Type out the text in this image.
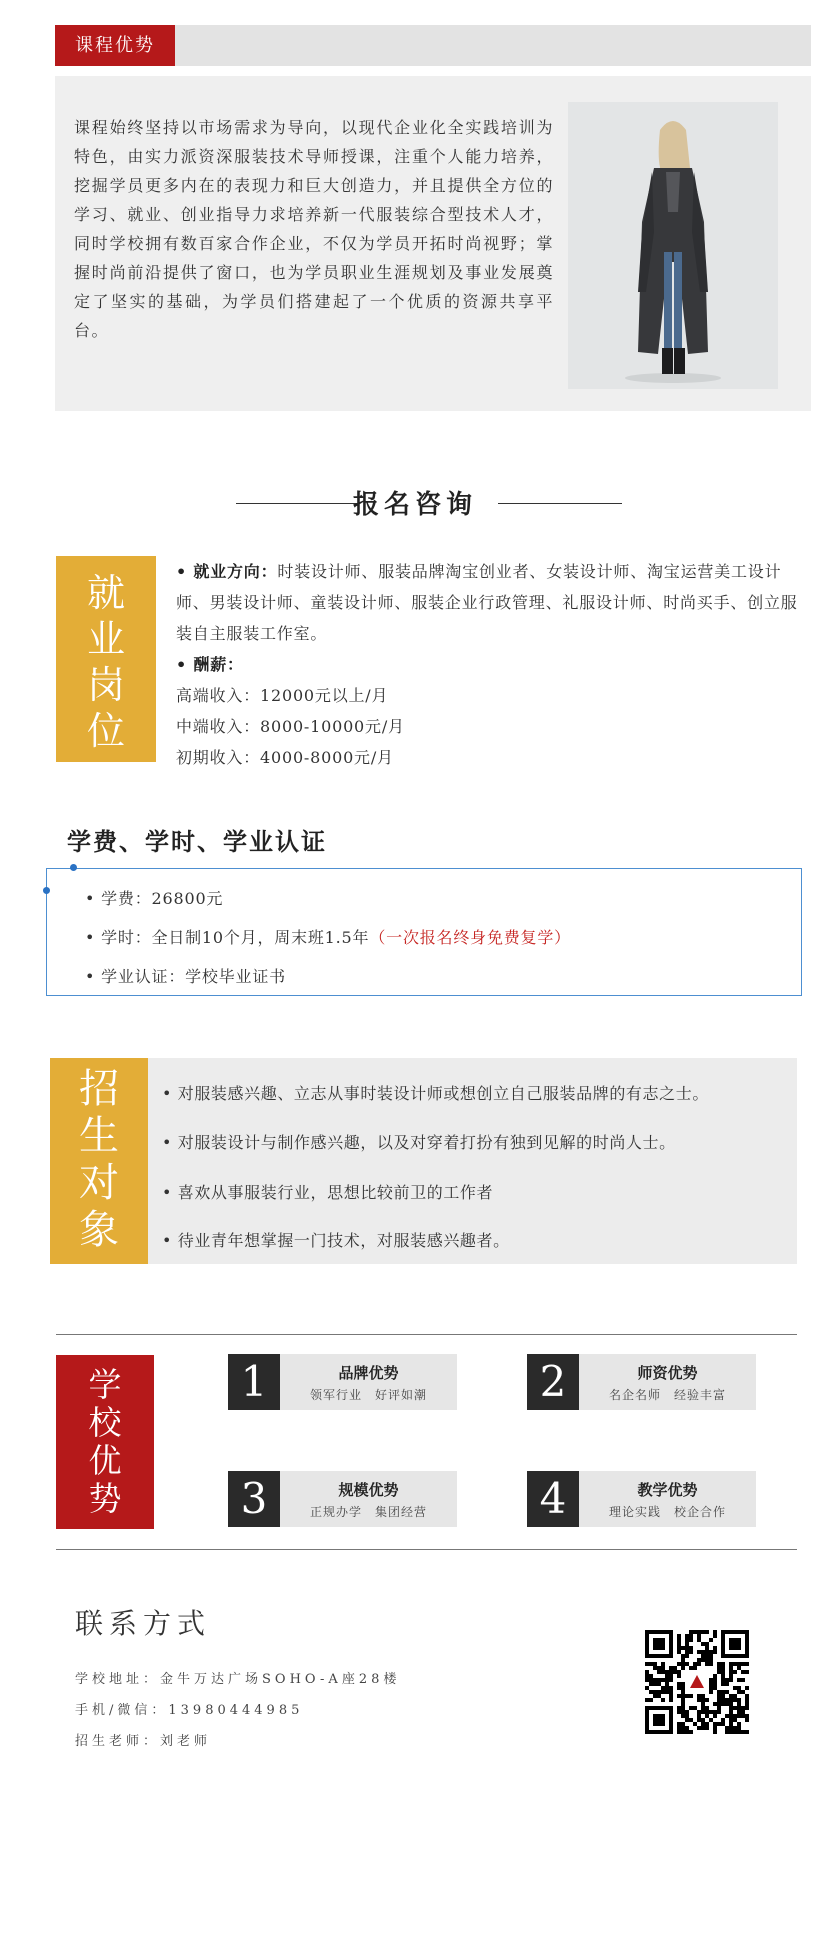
课程优势
课程始终坚持以市场需求为导向，以现代企业化全实践培训为特色，由实力派资深服装技术导师授课，注重个人能力培养，挖掘学员更多内在的表现力和巨大创造力，并且提供全方位的学习、就业、创业指导力求培养新一代服装综合型技术人才，同时学校拥有数百家合作企业，不仅为学员开拓时尚视野；掌握时尚前沿提供了窗口，也为学员职业生涯规划及事业发展奠定了坚实的基础，为学员们搭建起了一个优质的资源共享平台。
报名咨询
就
业
岗
位
• 就业方向：时装设计师、服装品牌淘宝创业者、女装设计师、淘宝运营美工设计师、男装设计师、童装设计师、服装企业行政管理、礼服设计师、时尚买手、创立服装自主服装工作室。
• 酬薪：
高端收入：12000元以上/月
中端收入：8000-10000元/月
初期收入：4000-8000元/月
学费、学时、学业认证
• 学费：26800元
• 学时：全日制10个月，周末班1.5年（一次报名终身免费复学）
• 学业认证：学校毕业证书
招
生
对
象
• 对服装感兴趣、立志从事时装设计师或想创立自己服装品牌的有志之士。
• 对服装设计与制作感兴趣，以及对穿着打扮有独到见解的时尚人士。
• 喜欢从事服装行业，思想比较前卫的工作者
• 待业青年想掌握一门技术，对服装感兴趣者。
学
校
优
势
1	品牌优势
领军行业　好评如潮	2	师资优势
名企名师　经验丰富
3	规模优势
正规办学　集团经营	4	教学优势
理论实践　校企合作
联系方式
学校地址：金牛万达广场SOHO-A座28楼
手机/微信：13980444985
招生老师：刘老师
